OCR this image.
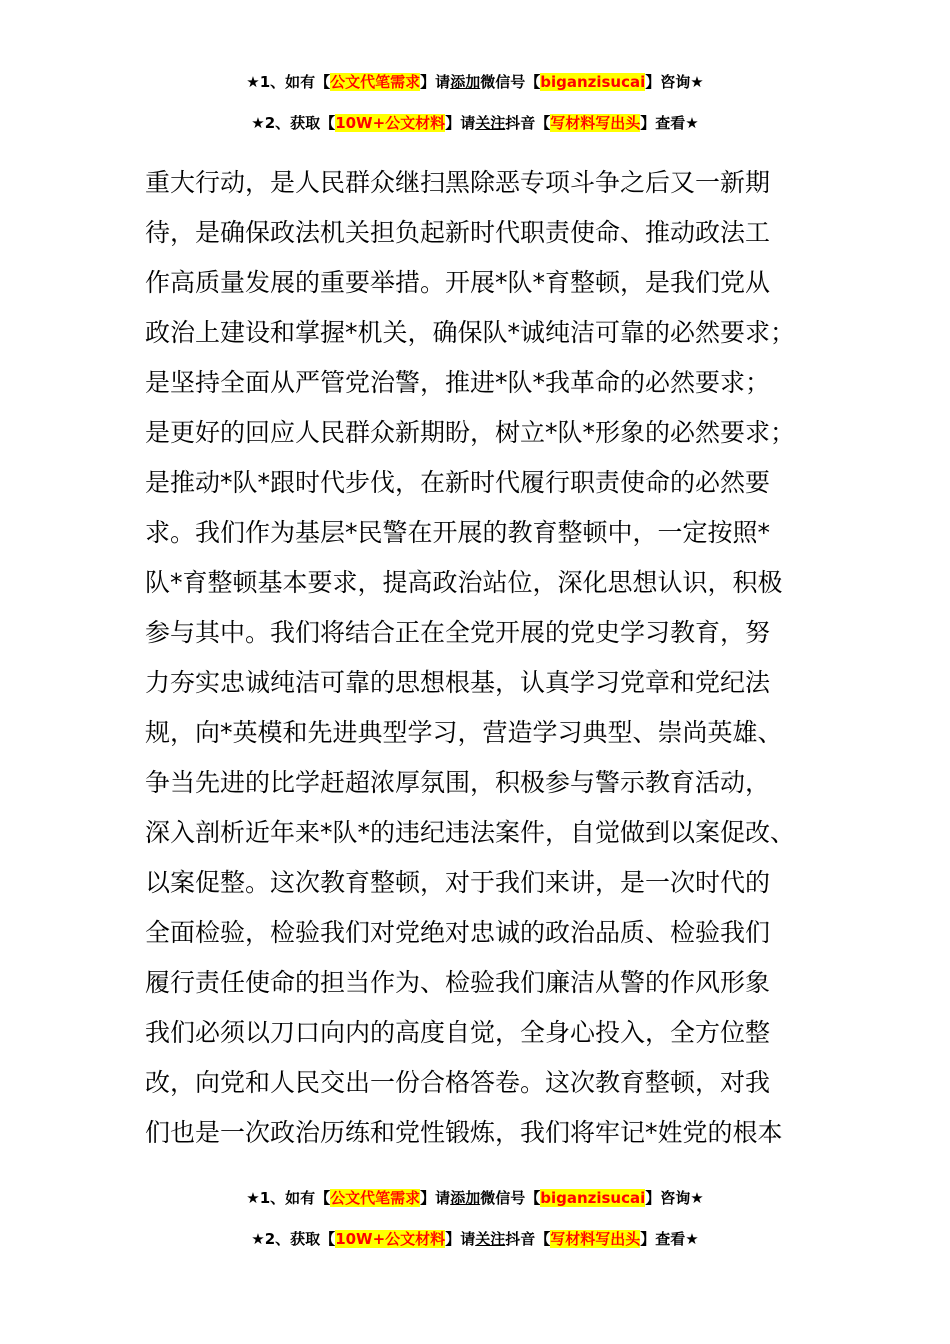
★1、如有【公文代笔需求】请添加微信号【biganzisucai】咨询★
★2、获取【10W+公文材料】请关注抖音【写材料写出头】查看★
重大行动，是人民群众继扫黑除恶专项斗争之后又一新期
待，是确保政法机关担负起新时代职责使命、推动政法工
作高质量发展的重要举措。开展*队*育整顿，是我们党从
政治上建设和掌握*机关，确保队*诚纯洁可靠的必然要求；
是坚持全面从严管党治警，推进*队*我革命的必然要求；
是更好的回应人民群众新期盼，树立*队*形象的必然要求；
是推动*队*跟时代步伐，在新时代履行职责使命的必然要
求。我们作为基层*民警在开展的教育整顿中，一定按照*
队*育整顿基本要求，提高政治站位，深化思想认识，积极
参与其中。我们将结合正在全党开展的党史学习教育，努
力夯实忠诚纯洁可靠的思想根基，认真学习党章和党纪法
规，向*英模和先进典型学习，营造学习典型、崇尚英雄、
争当先进的比学赶超浓厚氛围，积极参与警示教育活动，
深入剖析近年来*队*的违纪违法案件，自觉做到以案促改、
以案促整。这次教育整顿，对于我们来讲，是一次时代的
全面检验，检验我们对党绝对忠诚的政治品质、检验我们
履行责任使命的担当作为、检验我们廉洁从警的作风形象
我们必须以刀口向内的高度自觉，全身心投入，全方位整
改，向党和人民交出一份合格答卷。这次教育整顿，对我
们也是一次政治历练和党性锻炼，我们将牢记*姓党的根本
★1、如有【公文代笔需求】请添加微信号【biganzisucai】咨询★
★2、获取【10W+公文材料】请关注抖音【写材料写出头】查看★
